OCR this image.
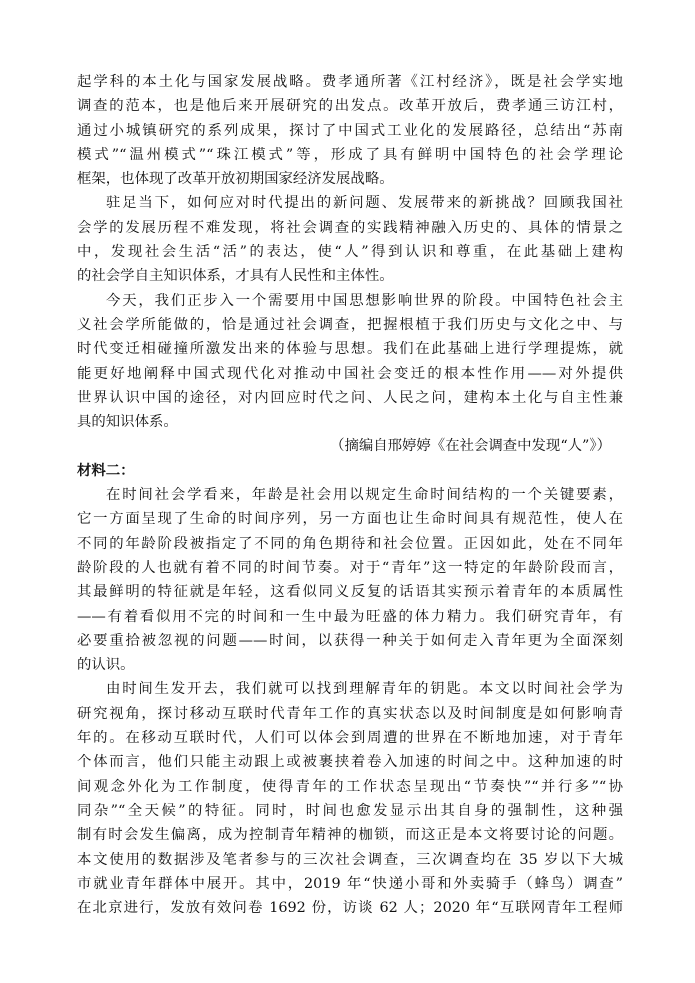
起学科的本土化与国家发展战略。费孝通所著《江村经济》，既是社会学实地
调查的范本，也是他后来开展研究的出发点。改革开放后，费孝通三访江村，
通过小城镇研究的系列成果，探讨了中国式工业化的发展路径，总结出“苏南
模式”“温州模式”“珠江模式”等，形成了具有鲜明中国特色的社会学理论
框架，也体现了改革开放初期国家经济发展战略。
驻足当下，如何应对时代提出的新问题、发展带来的新挑战？回顾我国社
会学的发展历程不难发现，将社会调查的实践精神融入历史的、具体的情景之
中，发现社会生活“活”的表达，使“人”得到认识和尊重，在此基础上建构
的社会学自主知识体系，才具有人民性和主体性。
今天，我们正步入一个需要用中国思想影响世界的阶段。中国特色社会主
义社会学所能做的，恰是通过社会调查，把握根植于我们历史与文化之中、与
时代变迁相碰撞所激发出来的体验与思想。我们在此基础上进行学理提炼，就
能更好地阐释中国式现代化对推动中国社会变迁的根本性作用——对外提供
世界认识中国的途径，对内回应时代之问、人民之问，建构本土化与自主性兼
具的知识体系。
（摘编自邢婷婷《在社会调查中发现“人”》）
材料二：
在时间社会学看来，年龄是社会用以规定生命时间结构的一个关键要素，
它一方面呈现了生命的时间序列，另一方面也让生命时间具有规范性，使人在
不同的年龄阶段被指定了不同的角色期待和社会位置。正因如此，处在不同年
龄阶段的人也就有着不同的时间节奏。对于“青年”这一特定的年龄阶段而言，
其最鲜明的特征就是年轻，这看似同义反复的话语其实预示着青年的本质属性
——有着看似用不完的时间和一生中最为旺盛的体力精力。我们研究青年，有
必要重拾被忽视的问题——时间，以获得一种关于如何走入青年更为全面深刻
的认识。
由时间生发开去，我们就可以找到理解青年的钥匙。本文以时间社会学为
研究视角，探讨移动互联时代青年工作的真实状态以及时间制度是如何影响青
年的。在移动互联时代，人们可以体会到周遭的世界在不断地加速，对于青年
个体而言，他们只能主动跟上或被裹挟着卷入加速的时间之中。这种加速的时
间观念外化为工作制度，使得青年的工作状态呈现出“节奏快”“并行多”“协
同杂”“全天候”的特征。同时，时间也愈发显示出其自身的强制性，这种强
制有时会发生偏离，成为控制青年精神的枷锁，而这正是本文将要讨论的问题。
本文使用的数据涉及笔者参与的三次社会调查，三次调查均在 35 岁以下大城
市就业青年群体中展开。其中，2019 年“快递小哥和外卖骑手（蜂鸟）调查”
在北京进行，发放有效问卷 1692 份，访谈 62 人；2020 年“互联网青年工程师
